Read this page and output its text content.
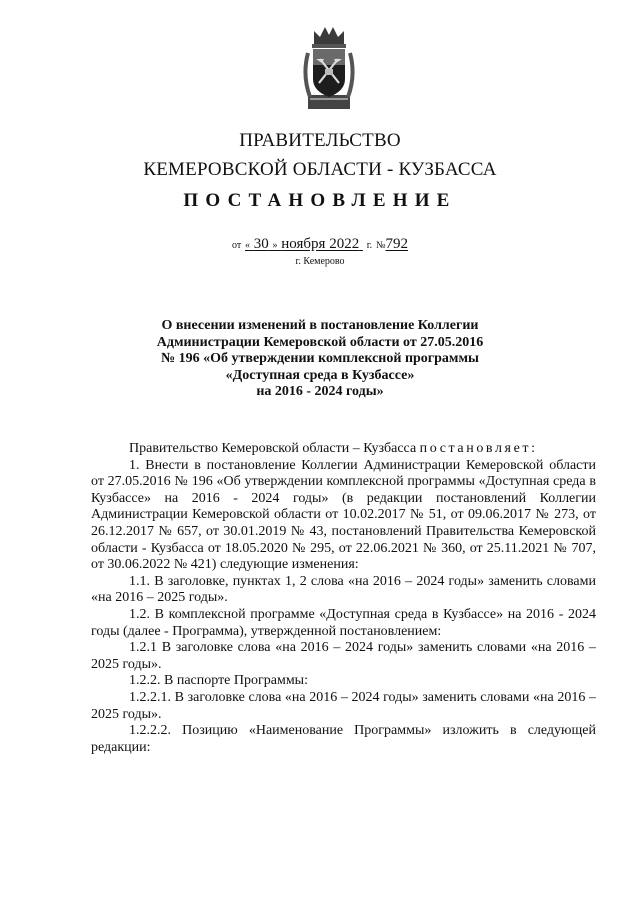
ПРАВИТЕЛЬСТВО
КЕМЕРОВСКОЙ ОБЛАСТИ - КУЗБАССА
ПОСТАНОВЛЕНИЕ
от « 30 » ноября 2022 г. №792
г. Кемерово
О внесении изменений в постановление Коллегии
Администрации Кемеровской области от 27.05.2016
№ 196 «Об утверждении комплексной программы
«Доступная среда в Кузбассе»
на 2016 - 2024 годы»

Правительство Кемеровской области – Кузбасса постановляет:

1. Внести в постановление Коллегии Администрации Кемеровской области от 27.05.2016 № 196 «Об утверждении комплексной программы «Доступная среда в Кузбассе» на 2016 - 2024 годы» (в редакции постановлений Коллегии Администрации Кемеровской области от 10.02.2017 № 51, от 09.06.2017 № 273, от 26.12.2017 № 657, от 30.01.2019 № 43, постановлений Правительства Кемеровской области - Кузбасса от 18.05.2020 № 295, от 22.06.2021 № 360, от 25.11.2021 № 707, от 30.06.2022 № 421) следующие изменения:

1.1. В заголовке, пунктах 1, 2 слова «на 2016 – 2024 годы» заменить словами «на 2016 – 2025 годы».

1.2. В комплексной программе «Доступная среда в Кузбассе» на 2016 - 2024 годы (далее - Программа), утвержденной постановлением:

1.2.1 В заголовке слова «на 2016 – 2024 годы» заменить словами «на 2016 – 2025 годы».

1.2.2. В паспорте Программы:

1.2.2.1. В заголовке слова «на 2016 – 2024 годы» заменить словами «на 2016 – 2025 годы».

1.2.2.2. Позицию «Наименование Программы» изложить в следующей редакции:
